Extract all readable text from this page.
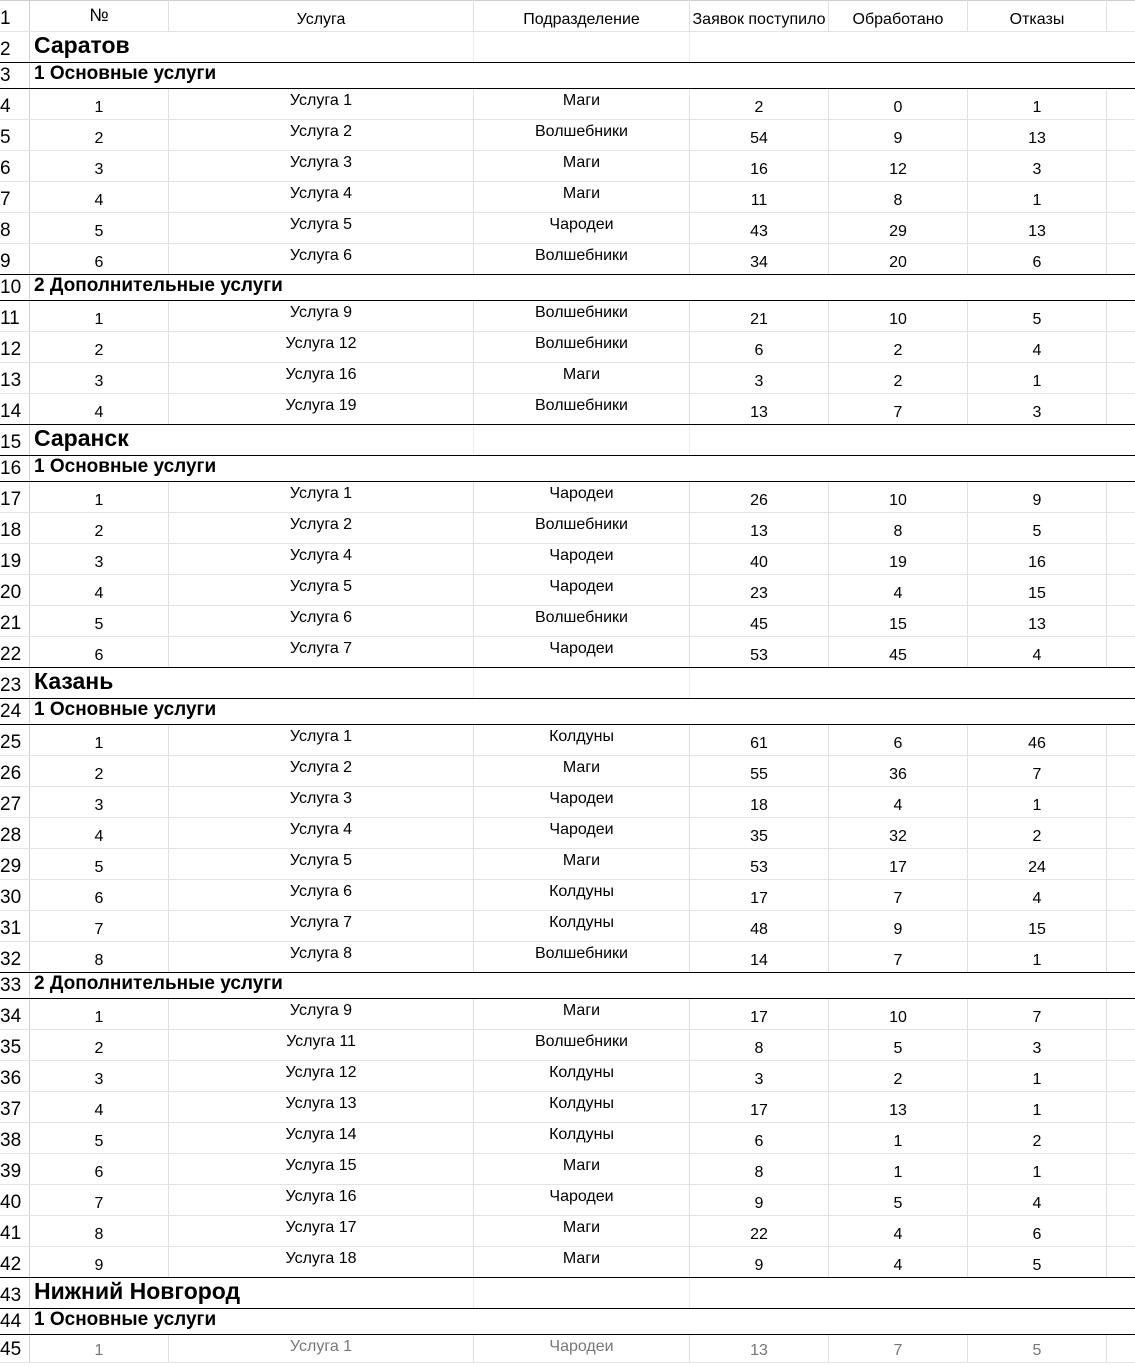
1	№	Услуга	Подразделение	Заявок поступило	Обработано	Отказы
2 Саратов
3 1 Основные услуги
4	1	Услуга 1	Маги	2	0	1
5	2	Услуга 2	Волшебники	54	9	13
6	3	Услуга 3	Маги	16	12	3
7	4	Услуга 4	Маги	11	8	1
8	5	Услуга 5	Чародеи	43	29	13
9	6	Услуга 6	Волшебники	34	20	6
10 2 Дополнительные услуги
11	1	Услуга 9	Волшебники	21	10	5
12	2	Услуга 12	Волшебники	6	2	4
13	3	Услуга 16	Маги	3	2	1
14	4	Услуга 19	Волшебники	13	7	3
15 Саранск
16 1 Основные услуги
17	1	Услуга 1	Чародеи	26	10	9
18	2	Услуга 2	Волшебники	13	8	5
19	3	Услуга 4	Чародеи	40	19	16
20	4	Услуга 5	Чародеи	23	4	15
21	5	Услуга 6	Волшебники	45	15	13
22	6	Услуга 7	Чародеи	53	45	4
23 Казань
24 1 Основные услуги
25	1	Услуга 1	Колдуны	61	6	46
26	2	Услуга 2	Маги	55	36	7
27	3	Услуга 3	Чародеи	18	4	1
28	4	Услуга 4	Чародеи	35	32	2
29	5	Услуга 5	Маги	53	17	24
30	6	Услуга 6	Колдуны	17	7	4
31	7	Услуга 7	Колдуны	48	9	15
32	8	Услуга 8	Волшебники	14	7	1
33 2 Дополнительные услуги
34	1	Услуга 9	Маги	17	10	7
35	2	Услуга 11	Волшебники	8	5	3
36	3	Услуга 12	Колдуны	3	2	1
37	4	Услуга 13	Колдуны	17	13	1
38	5	Услуга 14	Колдуны	6	1	2
39	6	Услуга 15	Маги	8	1	1
40	7	Услуга 16	Чародеи	9	5	4
41	8	Услуга 17	Маги	22	4	6
42	9	Услуга 18	Маги	9	4	5
43 Нижний Новгород
44 1 Основные услуги
45	1	Услуга 1	Чародеи	13	7	5
